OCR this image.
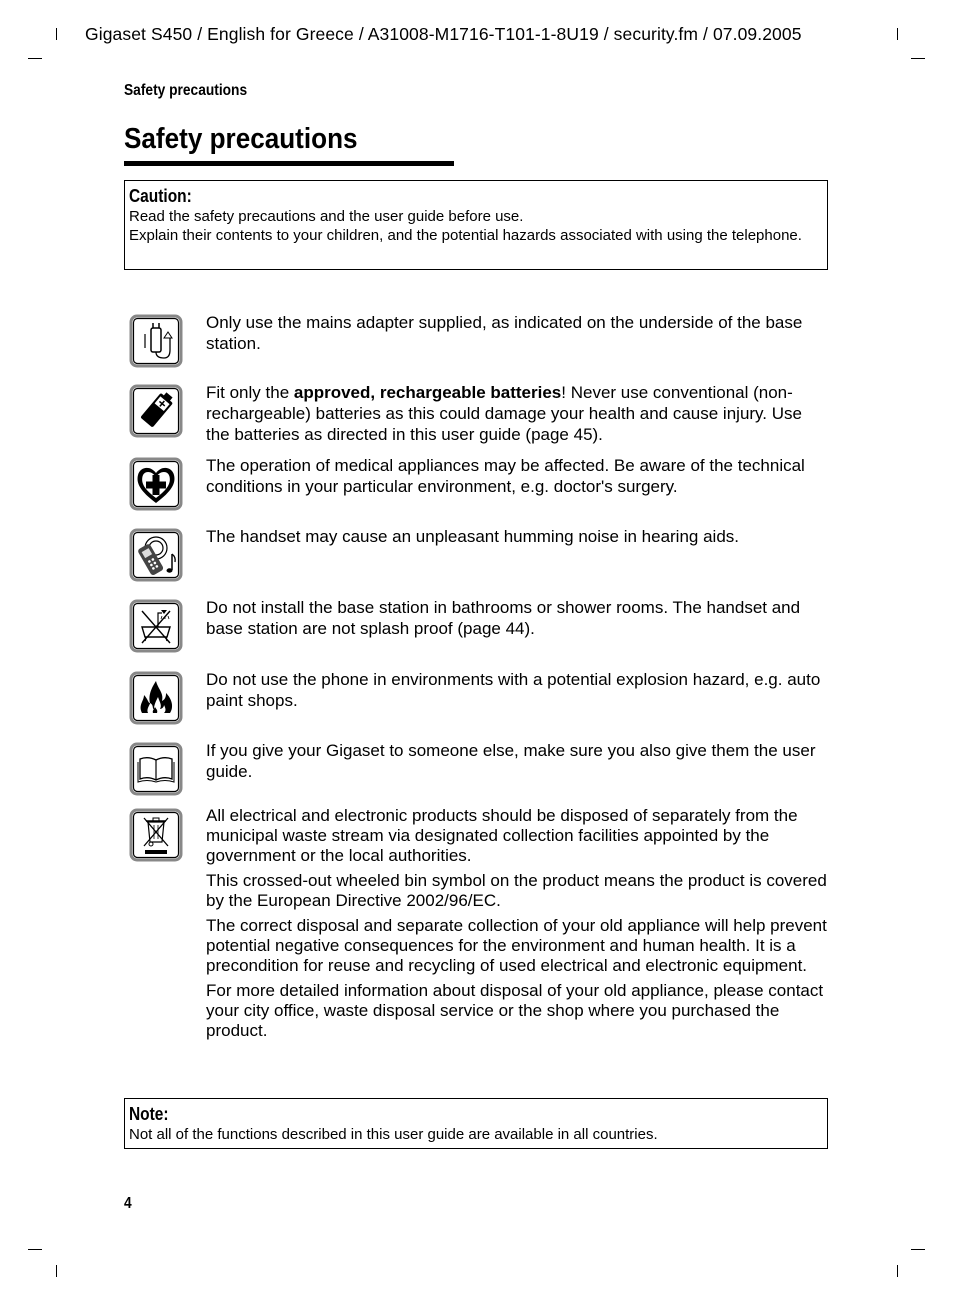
Gigaset S450 / English for Greece / A31008-M1716-T101-1-8U19 / security.fm / 07.09.2005
Safety precautions
Safety precautions
Caution:
Read the safety precautions and the user guide before use.
Explain their contents to your children, and the potential hazards associated with using the telephone.
Only use the mains adapter supplied, as indicated on the underside of the base station.
Fit only the approved, rechargeable batteries! Never use conventional (non-rechargeable) batteries as this could damage your health and cause injury. Use the batteries as directed in this user guide (page 45).
The operation of medical appliances may be affected. Be aware of the technical conditions in your particular environment, e.g. doctor's surgery.
The handset may cause an unpleasant humming noise in hearing aids.
Do not install the base station in bathrooms or shower rooms. The handset and base station are not splash proof (page 44).
Do not use the phone in environments with a potential explosion hazard, e.g. auto paint shops.
If you give your Gigaset to someone else, make sure you also give them the user guide.

All electrical and electronic products should be disposed of separately from the municipal waste stream via designated collection facilities appointed by the government or the local authorities.

This crossed-out wheeled bin symbol on the product means the product is covered by the European Directive 2002/96/EC.

The correct disposal and separate collection of your old appliance will help prevent potential negative consequences for the environment and human health. It is a precondition for reuse and recycling of used electrical and electronic equipment.

For more detailed information about disposal of your old appliance, please contact your city office, waste disposal service or the shop where you purchased the product.

Note:
Not all of the functions described in this user guide are available in all countries.
4
